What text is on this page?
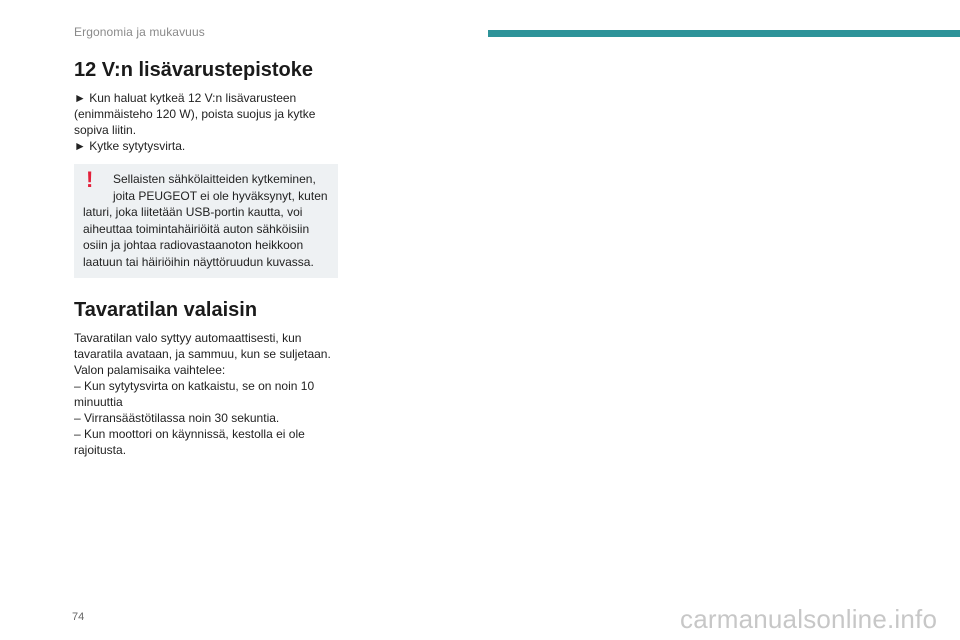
Ergonomia ja mukavuus
12 V:n lisävarustepistoke
► Kun haluat kytkeä 12 V:n lisävarusteen
(enimmäisteho 120 W), poista suojus ja kytke
sopiva liitin.
► Kytke sytytysvirta.
!	Sellaisten sähkölaitteiden kytkeminen,
joita PEUGEOT ei ole hyväksynyt, kuten
laturi, joka liitetään USB-portin kautta, voi
aiheuttaa toimintahäiriöitä auton sähköisiin
osiin ja johtaa radiovastaanoton heikkoon
laatuun tai häiriöihin näyttöruudun kuvassa.
Tavaratilan valaisin
Tavaratilan valo syttyy automaattisesti, kun
tavaratila avataan, ja sammuu, kun se suljetaan.
Valon palamisaika vaihtelee:
– Kun sytytysvirta on katkaistu, se on noin 10
minuuttia
– Virransäästötilassa noin 30 sekuntia.
– Kun moottori on käynnissä, kestolla ei ole
rajoitusta.
74	carmanualsonline.info
